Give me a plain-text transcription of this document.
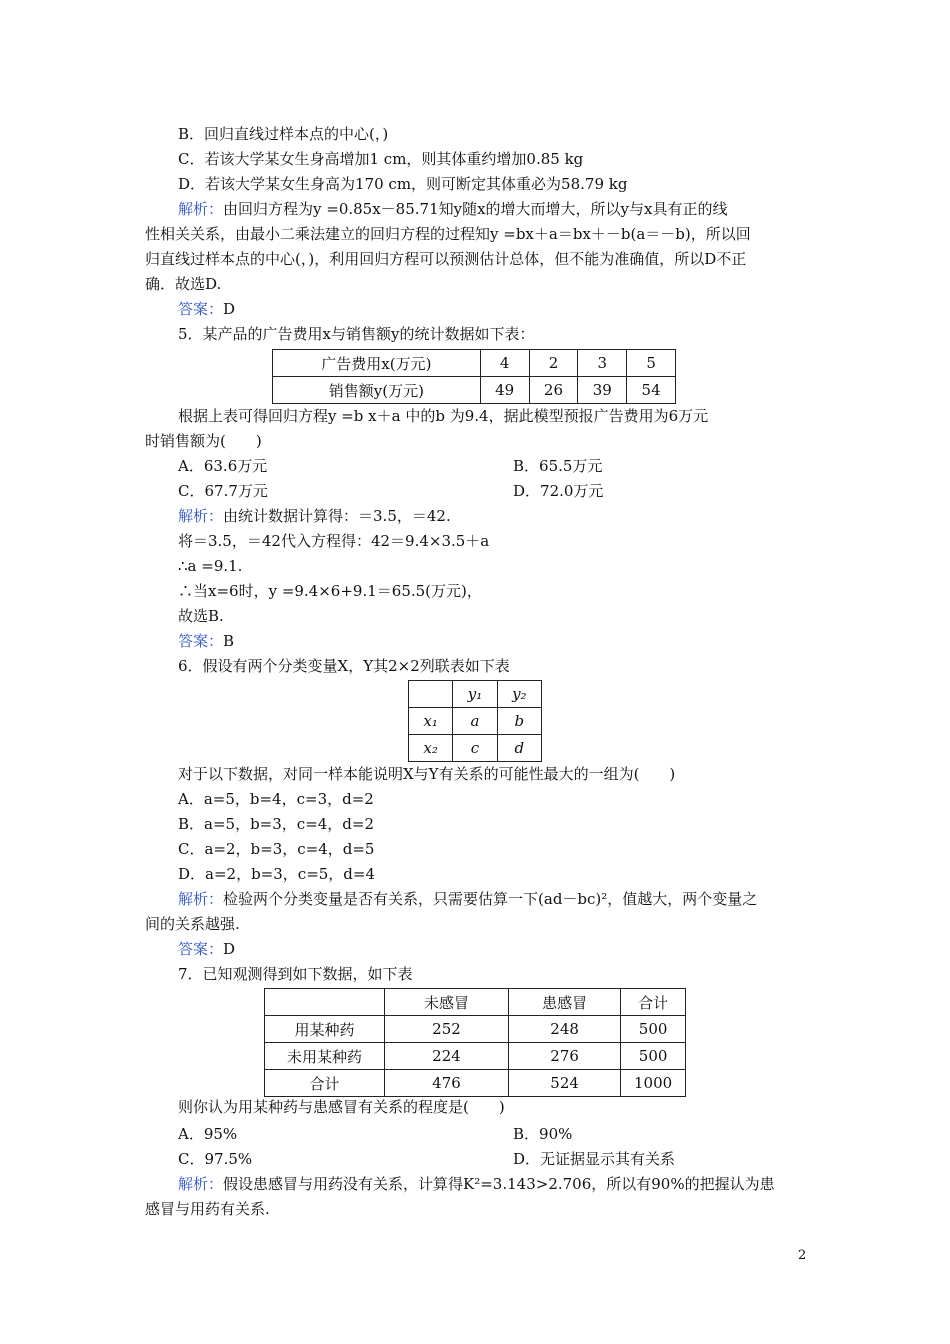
B．回归直线过样本点的中心(，)
C．若该大学某女生身高增加1 cm，则其体重约增加0.85 kg
D．若该大学某女生身高为170 cm，则可断定其体重必为58.79 kg
解析：由回归方程为y =0.85x－85.71知y随x的增大而增大，所以y与x具有正的线
性相关关系，由最小二乘法建立的回归方程的过程知y =bx＋a＝bx＋－b(a＝－b)，所以回
归直线过样本点的中心(，)，利用回归方程可以预测估计总体，但不能为准确值，所以D不正
确．故选D.
答案：D
5．某产品的广告费用x与销售额y的统计数据如下表：
广告费用x(万元)	4	2	3	5
销售额y(万元)	49	26	39	54
根据上表可得回归方程y =b x＋a 中的b 为9.4，据此模型预报广告费用为6万元
时销售额为(　　)
A．63.6万元	B．65.5万元
C．67.7万元	D．72.0万元
解析：由统计数据计算得：＝3.5，＝42.
将＝3.5，＝42代入方程得：42＝9.4×3.5＋a
∴a =9.1.
∴当x=6时，y =9.4×6+9.1＝65.5(万元)，
故选B.
答案：B
6．假设有两个分类变量X，Y其2×2列联表如下表
	y₁	y₂
x₁	a	b
x₂	c	d
对于以下数据，对同一样本能说明X与Y有关系的可能性最大的一组为(　　)
A．a=5，b=4，c=3，d=2
B．a=5，b=3，c=4，d=2
C．a=2，b=3，c=4，d=5
D．a=2，b=3，c=5，d=4
解析：检验两个分类变量是否有关系，只需要估算一下(ad－bc)²，值越大，两个变量之
间的关系越强.
答案：D
7．已知观测得到如下数据，如下表
	未感冒	患感冒	合计
用某种药	252	248	500
未用某种药	224	276	500
合计	476	524	1000
则你认为用某种药与患感冒有关系的程度是(　　)
A．95%	B．90%
C．97.5%	D．无证据显示其有关系
解析：假设患感冒与用药没有关系，计算得K²=3.143>2.706，所以有90%的把握认为患
感冒与用药有关系.
2
